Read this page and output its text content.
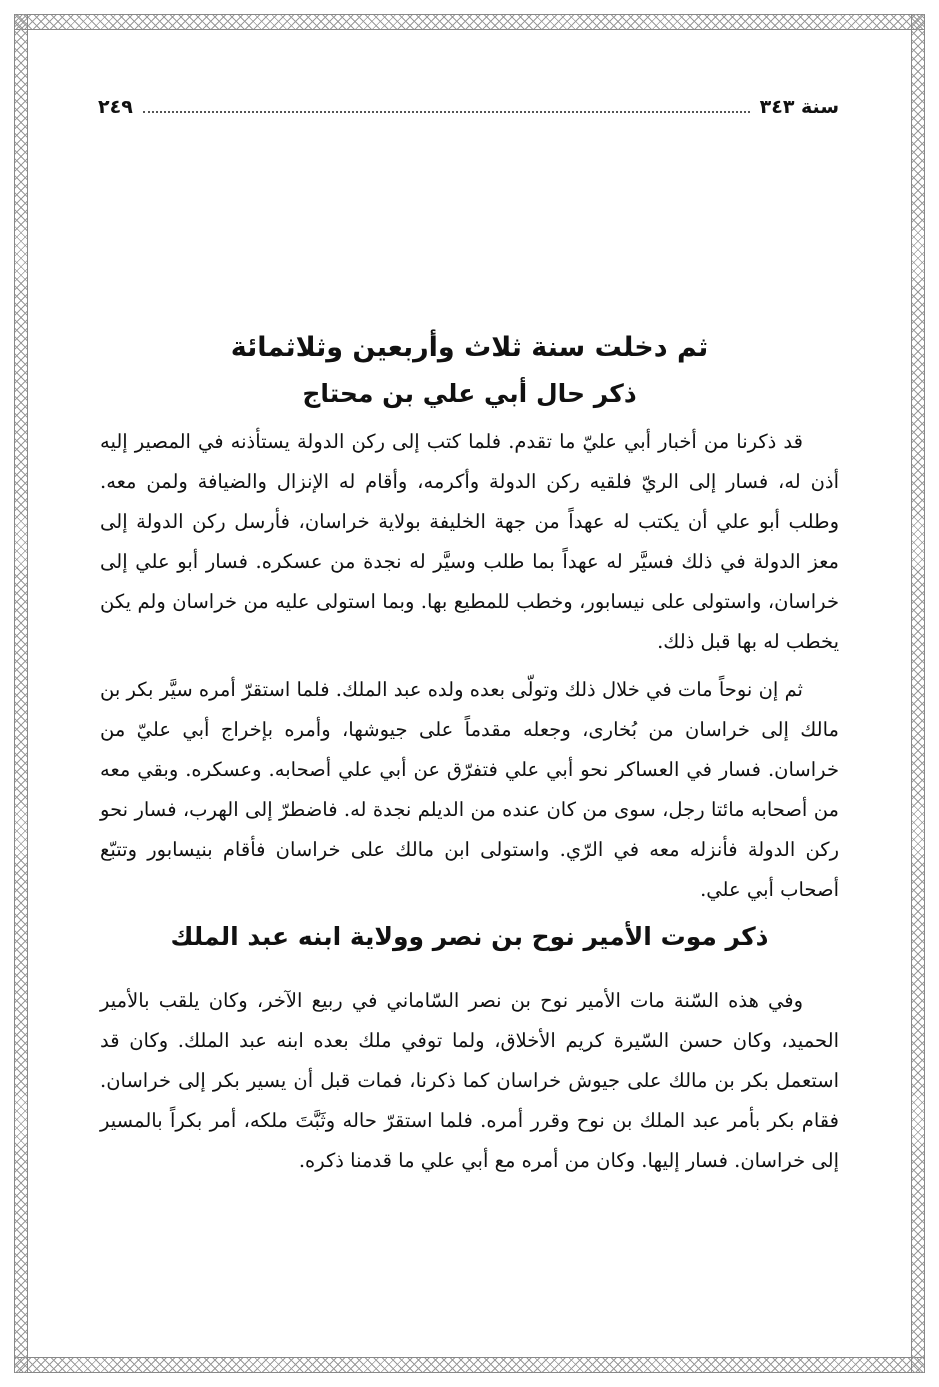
سنة ٣٤٣
٢٤٩
ثم دخلت سنة ثلاث وأربعين وثلاثمائة
ذكر حال أبي علي بن محتاج

قد ذكرنا من أخبار أبي عليّ ما تقدم. فلما كتب إلى ركن الدولة يستأذنه في المصير إليه أذن له، فسار إلى الريّ فلقيه ركن الدولة وأكرمه، وأقام له الإنزال والضيافة ولمن معه. وطلب أبو علي أن يكتب له عهداً من جهة الخليفة بولاية خراسان، فأرسل ركن الدولة إلى معز الدولة في ذلك فسيَّر له عهداً بما طلب وسيَّر له نجدة من عسكره. فسار أبو علي إلى خراسان، واستولى على نيسابور، وخطب للمطيع بها. وبما استولى عليه من خراسان ولم يكن يخطب له بها قبل ذلك.

ثم إن نوحاً مات في خلال ذلك وتولّى بعده ولده عبد الملك. فلما استقرّ أمره سيَّر بكر بن مالك إلى خراسان من بُخارى، وجعله مقدماً على جيوشها، وأمره بإخراج أبي عليّ من خراسان. فسار في العساكر نحو أبي علي فتفرّق عن أبي علي أصحابه. وعسكره. وبقي معه من أصحابه مائتا رجل، سوى من كان عنده من الديلم نجدة له. فاضطرّ إلى الهرب، فسار نحو ركن الدولة فأنزله معه في الرّي. واستولى ابن مالك على خراسان فأقام بنيسابور وتتبّع أصحاب أبي علي.

ذكر موت الأمير نوح بن نصر وولاية ابنه عبد الملك

وفي هذه السّنة مات الأمير نوح بن نصر السّاماني في ربيع الآخر، وكان يلقب بالأمير الحميد، وكان حسن السّيرة كريم الأخلاق، ولما توفي ملك بعده ابنه عبد الملك. وكان قد استعمل بكر بن مالك على جيوش خراسان كما ذكرنا، فمات قبل أن يسير بكر إلى خراسان. فقام بكر بأمر عبد الملك بن نوح وقرر أمره. فلما استقرّ حاله وثَبَّتَ ملكه، أمر بكراً بالمسير إلى خراسان. فسار إليها. وكان من أمره مع أبي علي ما قدمنا ذكره.
